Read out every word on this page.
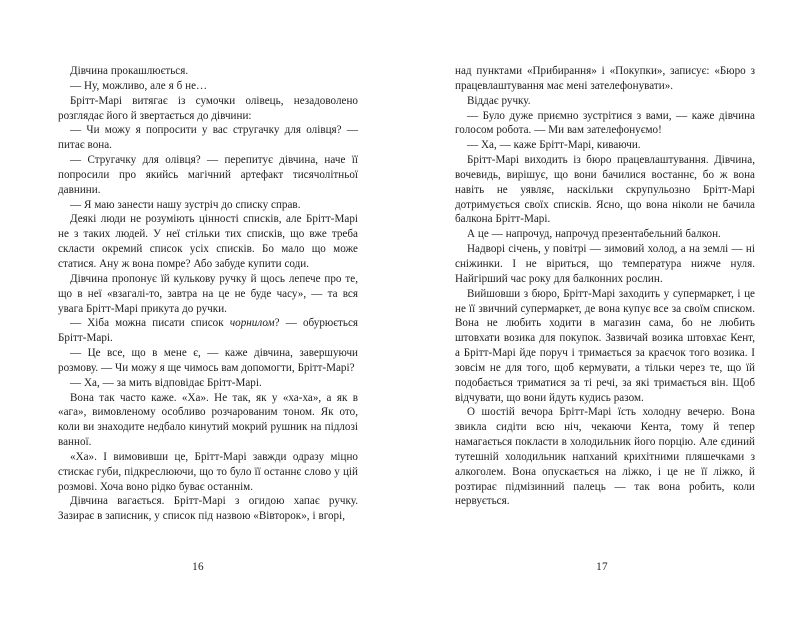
Дівчина прокашлюється.

— Ну, можливо, але я б не…

Брітт-Марі витягає із сумочки олівець, незадоволено розглядає його й звертається до дівчини:

— Чи можу я попросити у вас стругачку для олівця? — питає вона.

— Стругачку для олівця? — перепитує дівчина, наче її попросили про якийсь магічний артефакт тисячолітньої давнини.

— Я маю занести нашу зустріч до списку справ.

Деякі люди не розуміють цінності списків, але Брітт-Марі не з таких людей. У неї стільки тих списків, що вже треба скласти окремий список усіх списків. Бо мало що може статися. Ану ж вона помре? Або забуде купити соди.

Дівчина пропонує їй кулькову ручку й щось лепече про те, що в неї «взагалі-то, завтра на це не буде часу», — та вся увага Брітт-Марі прикута до ручки.

— Хіба можна писати список чорнилом? — обурюється Брітт-Марі.

— Це все, що в мене є, — каже дівчина, завершуючи розмову. — Чи можу я ще чимось вам допомогти, Брітт-Марі?

— Ха, — за мить відповідає Брітт-Марі.

Вона так часто каже. «Ха». Не так, як у «ха-ха», а як в «ага», вимовленому особливо розчарованим тоном. Як ото, коли ви знаходите недбало кинутий мокрий рушник на підлозі ванної.

«Ха». І вимовивши це, Брітт-Марі завжди одразу міцно стискає губи, підкреслюючи, що то було її останнє слово у цій розмові. Хоча воно рідко буває останнім.

Дівчина вагається. Брітт-Марі з огидою хапає ручку. Зазирає в записник, у список під назвою «Вівторок», і вгорі,

16

над пунктами «Прибирання» і «Покупки», записує: «Бюро з працевлаштування має мені зателефонувати».

Віддає ручку.

— Було дуже приємно зустрітися з вами, — каже дівчина голосом робота. — Ми вам зателефонуємо!

— Ха, — каже Брітт-Марі, киваючи.

Брітт-Марі виходить із бюро працевлаштування. Дівчина, вочевидь, вирішує, що вони бачилися востаннє, бо ж вона навіть не уявляє, наскільки скрупульозно Брітт-Марі дотримується своїх списків. Ясно, що вона ніколи не бачила балкона Брітт-Марі.

А це — напрочуд, напрочуд презентабельний балкон.

Надворі січень, у повітрі — зимовий холод, а на землі — ні сніжинки. І не віриться, що температура нижче нуля. Найгірший час року для балконних рослин.

Вийшовши з бюро, Брітт-Марі заходить у супермаркет, і це не її звичний супермаркет, де вона купує все за своїм списком. Вона не любить ходити в магазин сама, бо не любить штовхати возика для покупок. Зазвичай возика штовхає Кент, а Брітт-Марі йде поруч і тримається за краєчок того возика. І зовсім не для того, щоб кермувати, а тільки через те, що їй подобається триматися за ті речі, за які тримається він. Щоб відчувати, що вони йдуть кудись разом.

О шостій вечора Брітт-Марі їсть холодну вечерю. Вона звикла сидіти всю ніч, чекаючи Кента, тому й тепер намагається покласти в холодильник його порцію. Але єдиний тутешній холодильник напханий крихітними пляшечками з алкоголем. Вона опускається на ліжко, і це не її ліжко, й розтирає підмізинний палець — так вона робить, коли нервується.

17
